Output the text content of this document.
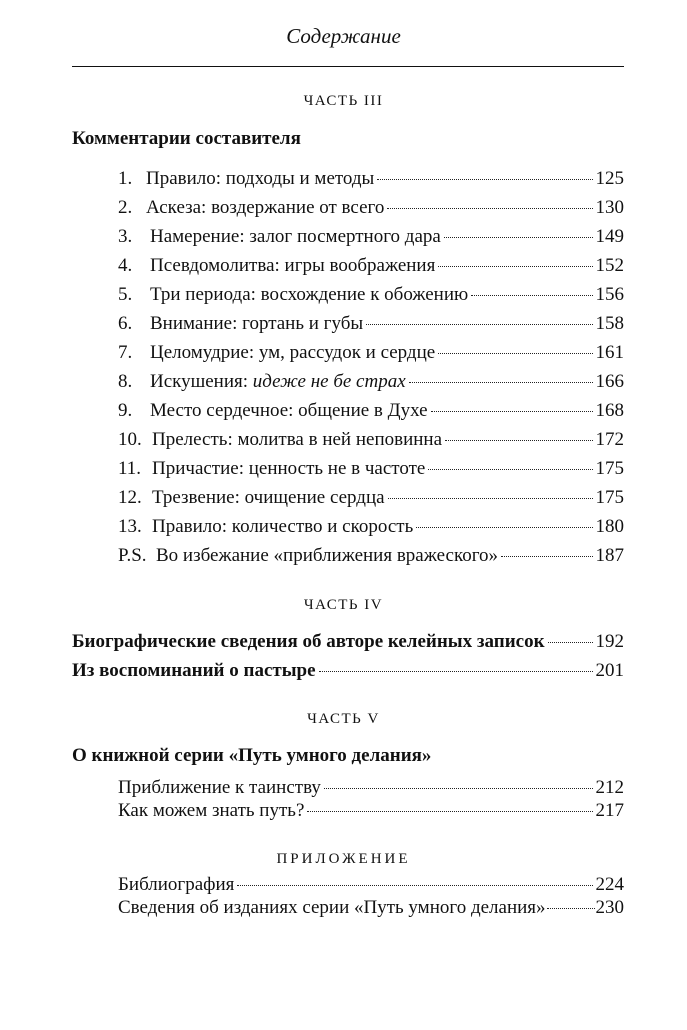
Содержание
ЧАСТЬ III
Комментарии составителя
1. Правило: подходы и методы	125
2. Аскеза: воздержание от всего	130
3. Намерение: залог посмертного дара	149
4. Псевдомолитва: игры воображения	152
5. Три периода: восхождение к обожению	156
6. Внимание: гортань и губы	158
7. Целомудрие: ум, рассудок и сердце	161
8. Искушения: идеже не бе страх	166
9. Место сердечное: общение в Духе	168
10. Прелесть: молитва в ней неповинна	172
11. Причастие: ценность не в частоте	175
12. Трезвение: очищение сердца	175
13. Правило: количество и скорость	180
P.S. Во избежание «приближения вражеского»	187
ЧАСТЬ IV
Биографические сведения об авторе келейных записок	192
Из воспоминаний о пастыре	201
ЧАСТЬ V
О книжной серии «Путь умного делания»
Приближение к таинству	212
Как можем знать путь?	217
ПРИЛОЖЕНИЕ
Библиография	224
Сведения об изданиях серии «Путь умного делания»	230
